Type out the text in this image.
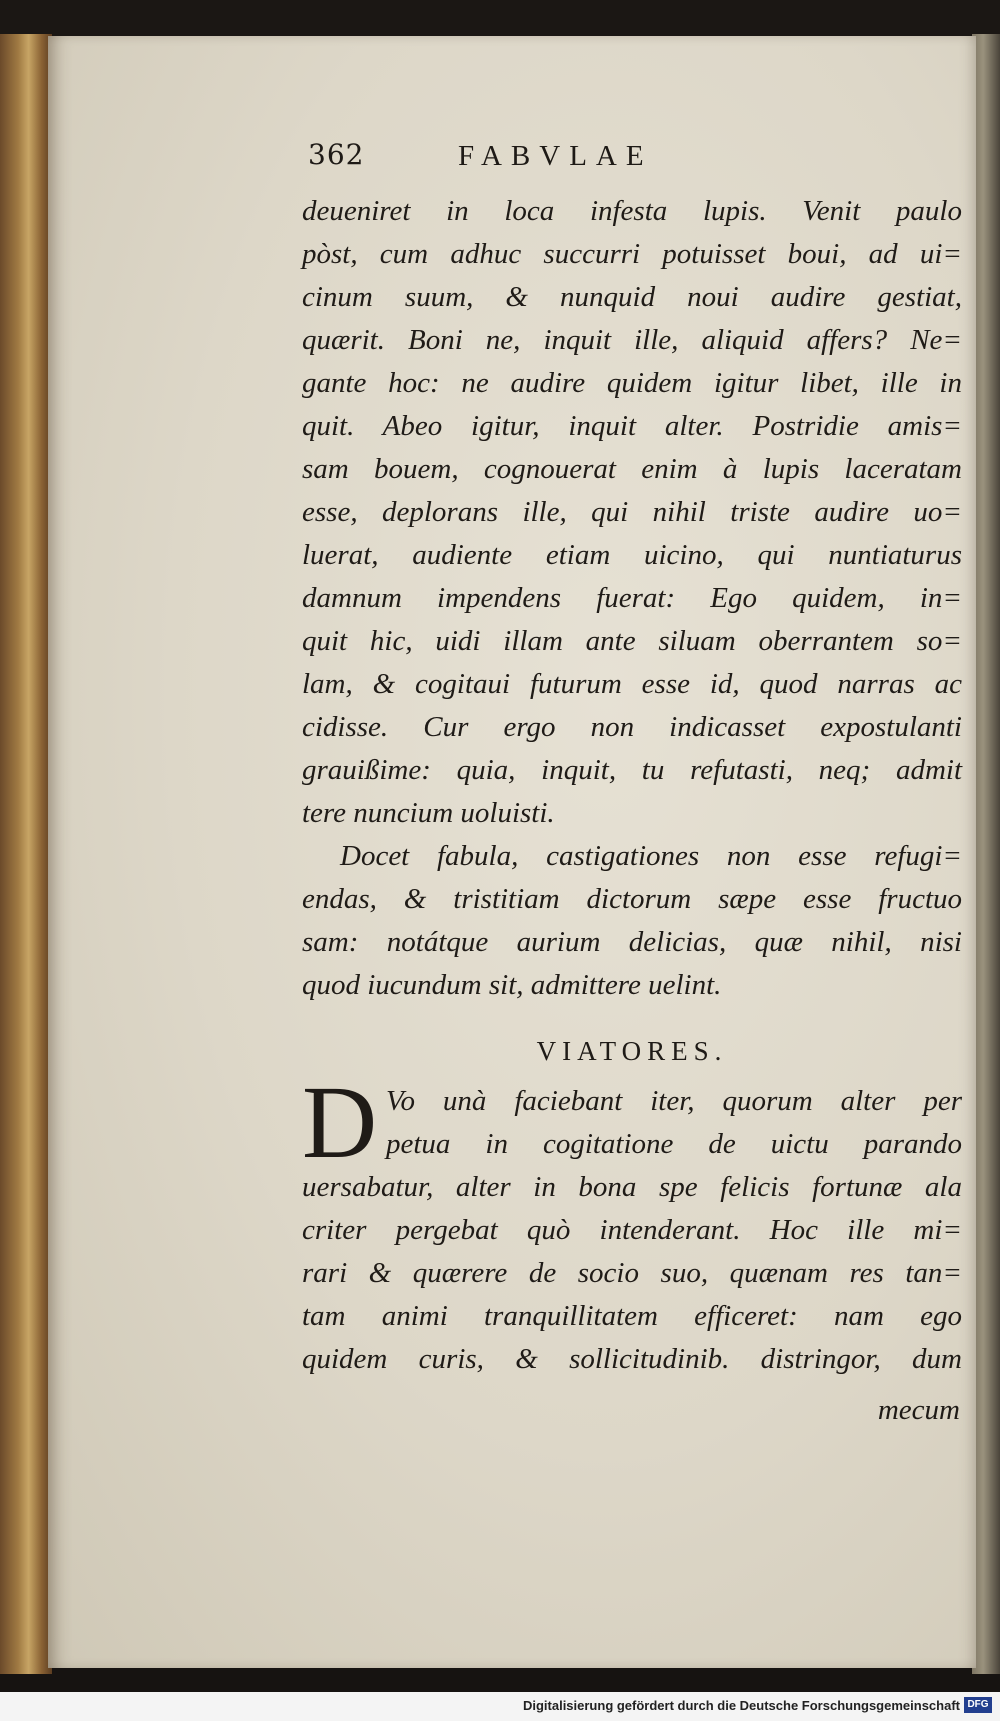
362	FABVLAE
deueniret in loca infesta lupis. Venit paulo
pòst, cum adhuc succurri potuisset boui, ad ui=
cinum suum, & nunquid noui audire gestiat,
quærit. Boni ne, inquit ille, aliquid affers? Ne=
gante hoc: ne audire quidem igitur libet, ille in
quit. Abeo igitur, inquit alter. Postridie amis=
sam bouem, cognouerat enim à lupis laceratam
esse, deplorans ille, qui nihil triste audire uo=
luerat, audiente etiam uicino, qui nuntiaturus
damnum impendens fuerat: Ego quidem, in=
quit hic, uidi illam ante siluam oberrantem so=
lam, & cogitaui futurum esse id, quod narras ac
cidisse. Cur ergo non indicasset expostulanti
grauißime: quia, inquit, tu refutasti, neq; admit
tere nuncium uoluisti.
Docet fabula, castigationes non esse refugi=
endas, & tristitiam dictorum sæpe esse fructuo
sam: notátque aurium delicias, quæ nihil, nisi
quod iucundum sit, admittere uelint.
VIATORES.
D Vo unà faciebant iter, quorum alter per
petua in cogitatione de uictu parando
uersabatur, alter in bona spe felicis fortunæ ala
criter pergebat quò intenderant. Hoc ille mi=
rari & quærere de socio suo, quænam res tan=
tam animi tranquillitatem efficeret: nam ego
quidem curis, & sollicitudinib. distringor, dum
mecum
Digitalisierung gefördert durch die Deutsche Forschungsgemeinschaft DFG
